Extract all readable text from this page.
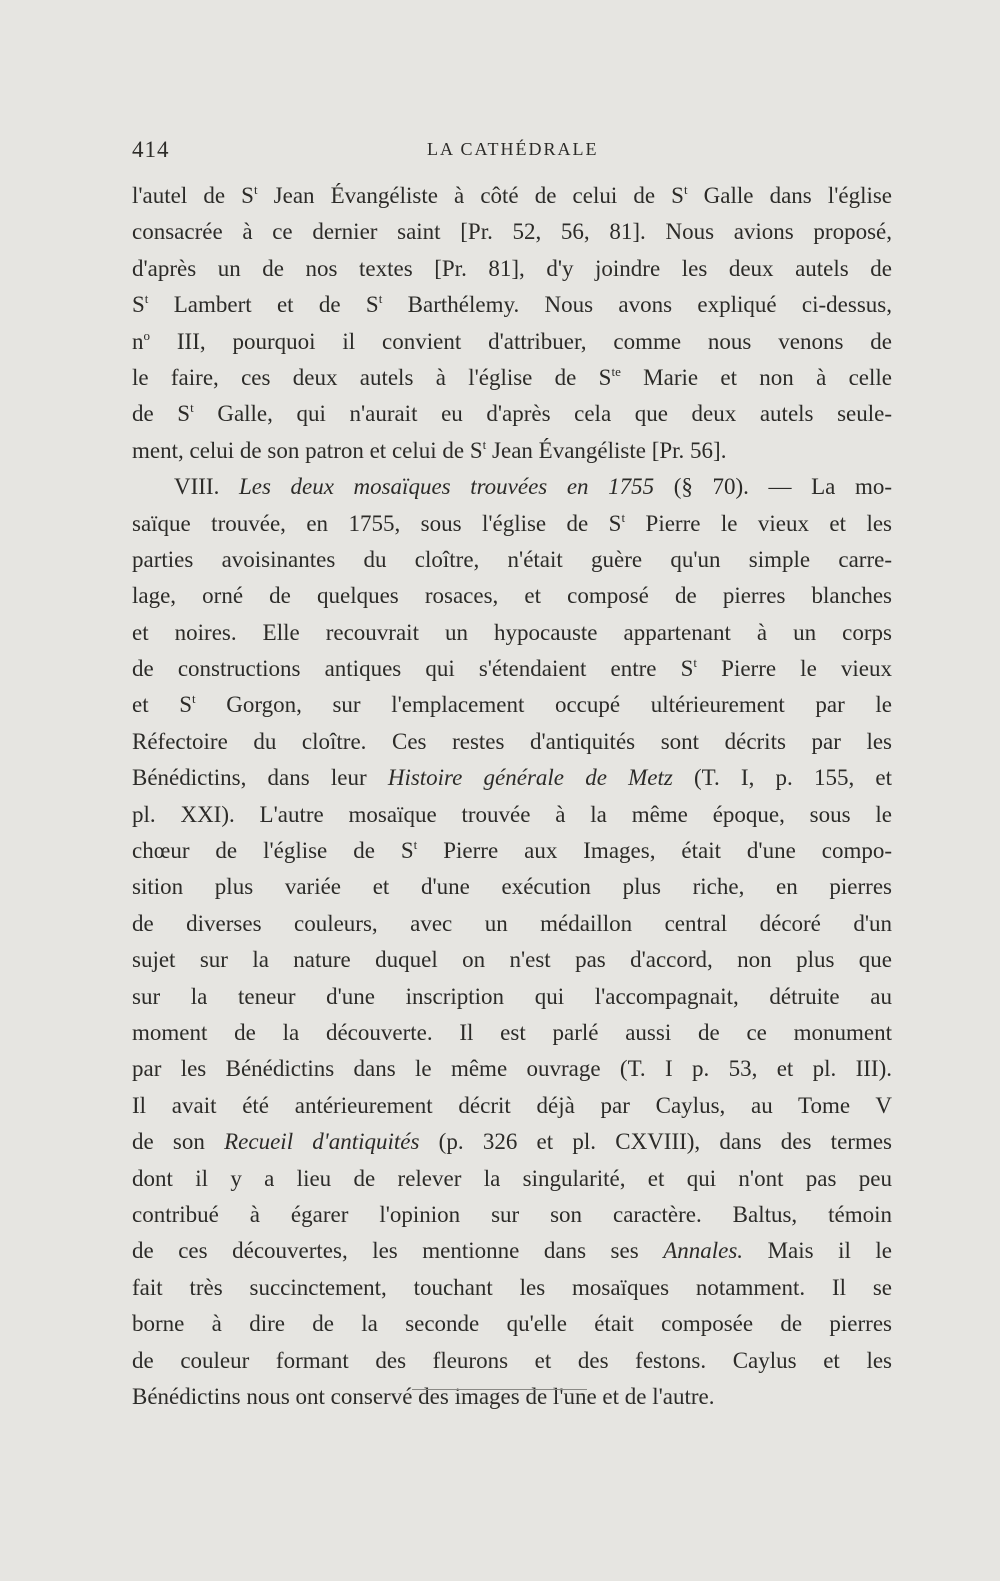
414	LA CATHÉDRALE
l'autel de $S^t$ Jean Évangéliste à côté de celui de $S^t$ Galle dans l'église
consacrée à ce dernier saint [Pr. 52, 56, 81]. Nous avions proposé,
d'après un de nos textes [Pr. 81], d'y joindre les deux autels de
$S^t$ Lambert et de $S^t$ Barthélemy. Nous avons expliqué ci-dessus,
$n^o$ III, pourquoi il convient d'attribuer, comme nous venons de
le faire, ces deux autels à l'église de $S^{te}$ Marie et non à celle
de $S^t$ Galle, qui n'aurait eu d'après cela que deux autels seule-
ment, celui de son patron et celui de $S^t$ Jean Évangéliste [Pr. 56].
VIII. Les deux mosaïques trouvées en 1755 (§ 70). — La mo-
saïque trouvée, en 1755, sous l'église de $S^t$ Pierre le vieux et les
parties avoisinantes du cloître, n'était guère qu'un simple carre-
lage, orné de quelques rosaces, et composé de pierres blanches
et noires. Elle recouvrait un hypocauste appartenant à un corps
de constructions antiques qui s'étendaient entre $S^t$ Pierre le vieux
et $S^t$ Gorgon, sur l'emplacement occupé ultérieurement par le
Réfectoire du cloître. Ces restes d'antiquités sont décrits par les
Bénédictins, dans leur Histoire générale de Metz (T. I, p. 155, et
pl. XXI). L'autre mosaïque trouvée à la même époque, sous le
chœur de l'église de $S^t$ Pierre aux Images, était d'une compo-
sition plus variée et d'une exécution plus riche, en pierres
de diverses couleurs, avec un médaillon central décoré d'un
sujet sur la nature duquel on n'est pas d'accord, non plus que
sur la teneur d'une inscription qui l'accompagnait, détruite au
moment de la découverte. Il est parlé aussi de ce monument
par les Bénédictins dans le même ouvrage (T. I p. 53, et pl. III).
Il avait été antérieurement décrit déjà par Caylus, au Tome V
de son Recueil d'antiquités (p. 326 et pl. CXVIII), dans des termes
dont il y a lieu de relever la singularité, et qui n'ont pas peu
contribué à égarer l'opinion sur son caractère. Baltus, témoin
de ces découvertes, les mentionne dans ses Annales. Mais il le
fait très succinctement, touchant les mosaïques notamment. Il se
borne à dire de la seconde qu'elle était composée de pierres
de couleur formant des fleurons et des festons. Caylus et les
Bénédictins nous ont conservé des images de l'une et de l'autre.
